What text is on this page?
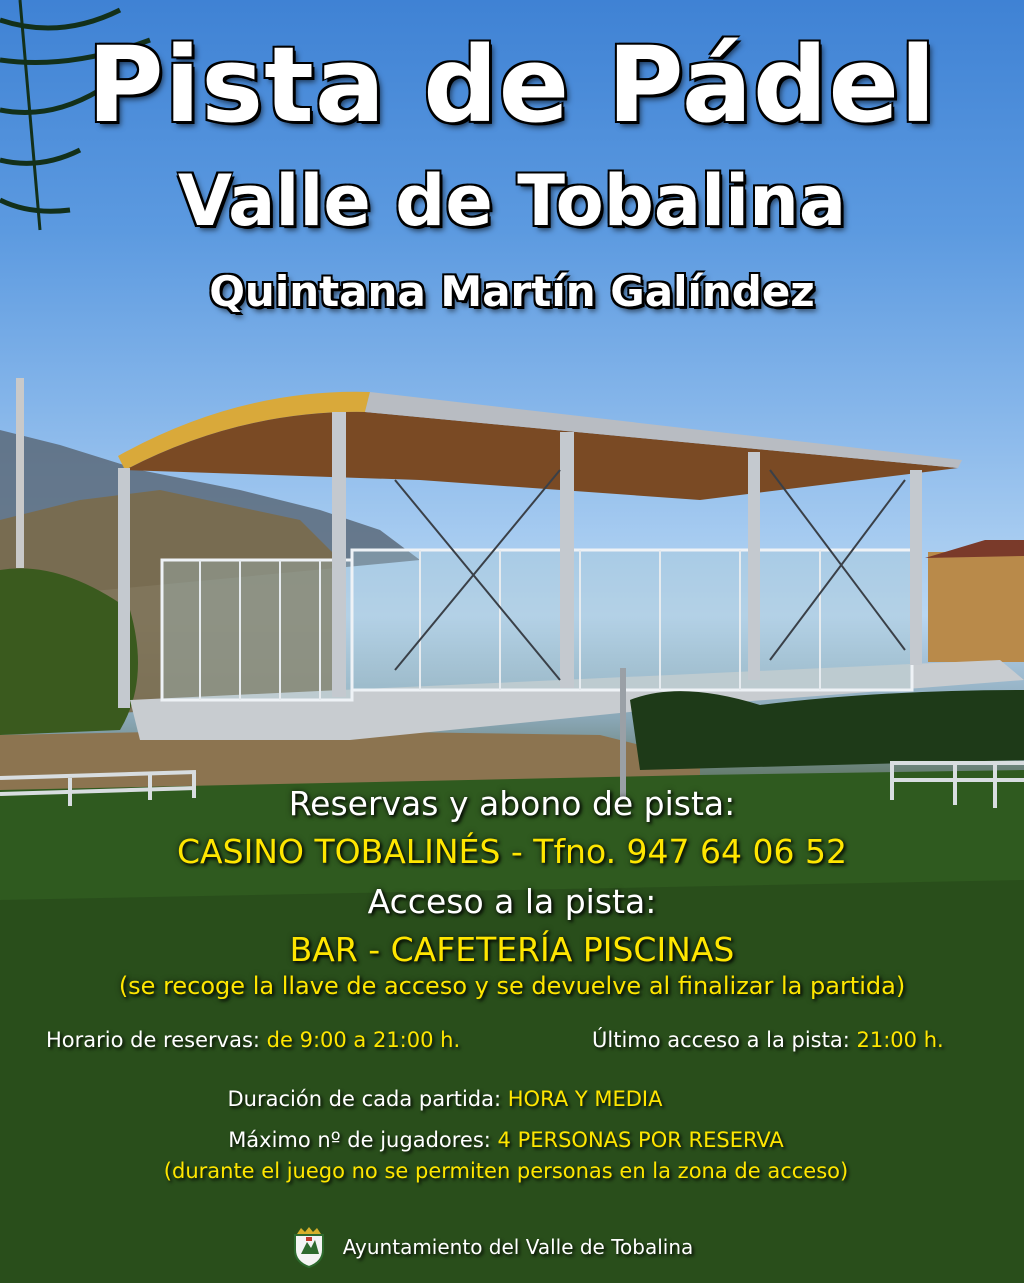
Pista de Pádel
Valle de Tobalina
Quintana Martín Galíndez

Reservas y abono de pista:

CASINO TOBALINÉS - Tfno. 947 64 06 52

Acceso a la pista:

BAR - CAFETERÍA PISCINAS

(se recoge la llave de acceso y se devuelve al finalizar la partida)

Horario de reservas: de 9:00 a 21:00 h.	Último acceso a la pista: 21:00 h.

Duración de cada partida: HORA Y MEDIA

Máximo nº de jugadores: 4 PERSONAS POR RESERVA

(durante el juego no se permiten personas en la zona de acceso)

Ayuntamiento del Valle de Tobalina
